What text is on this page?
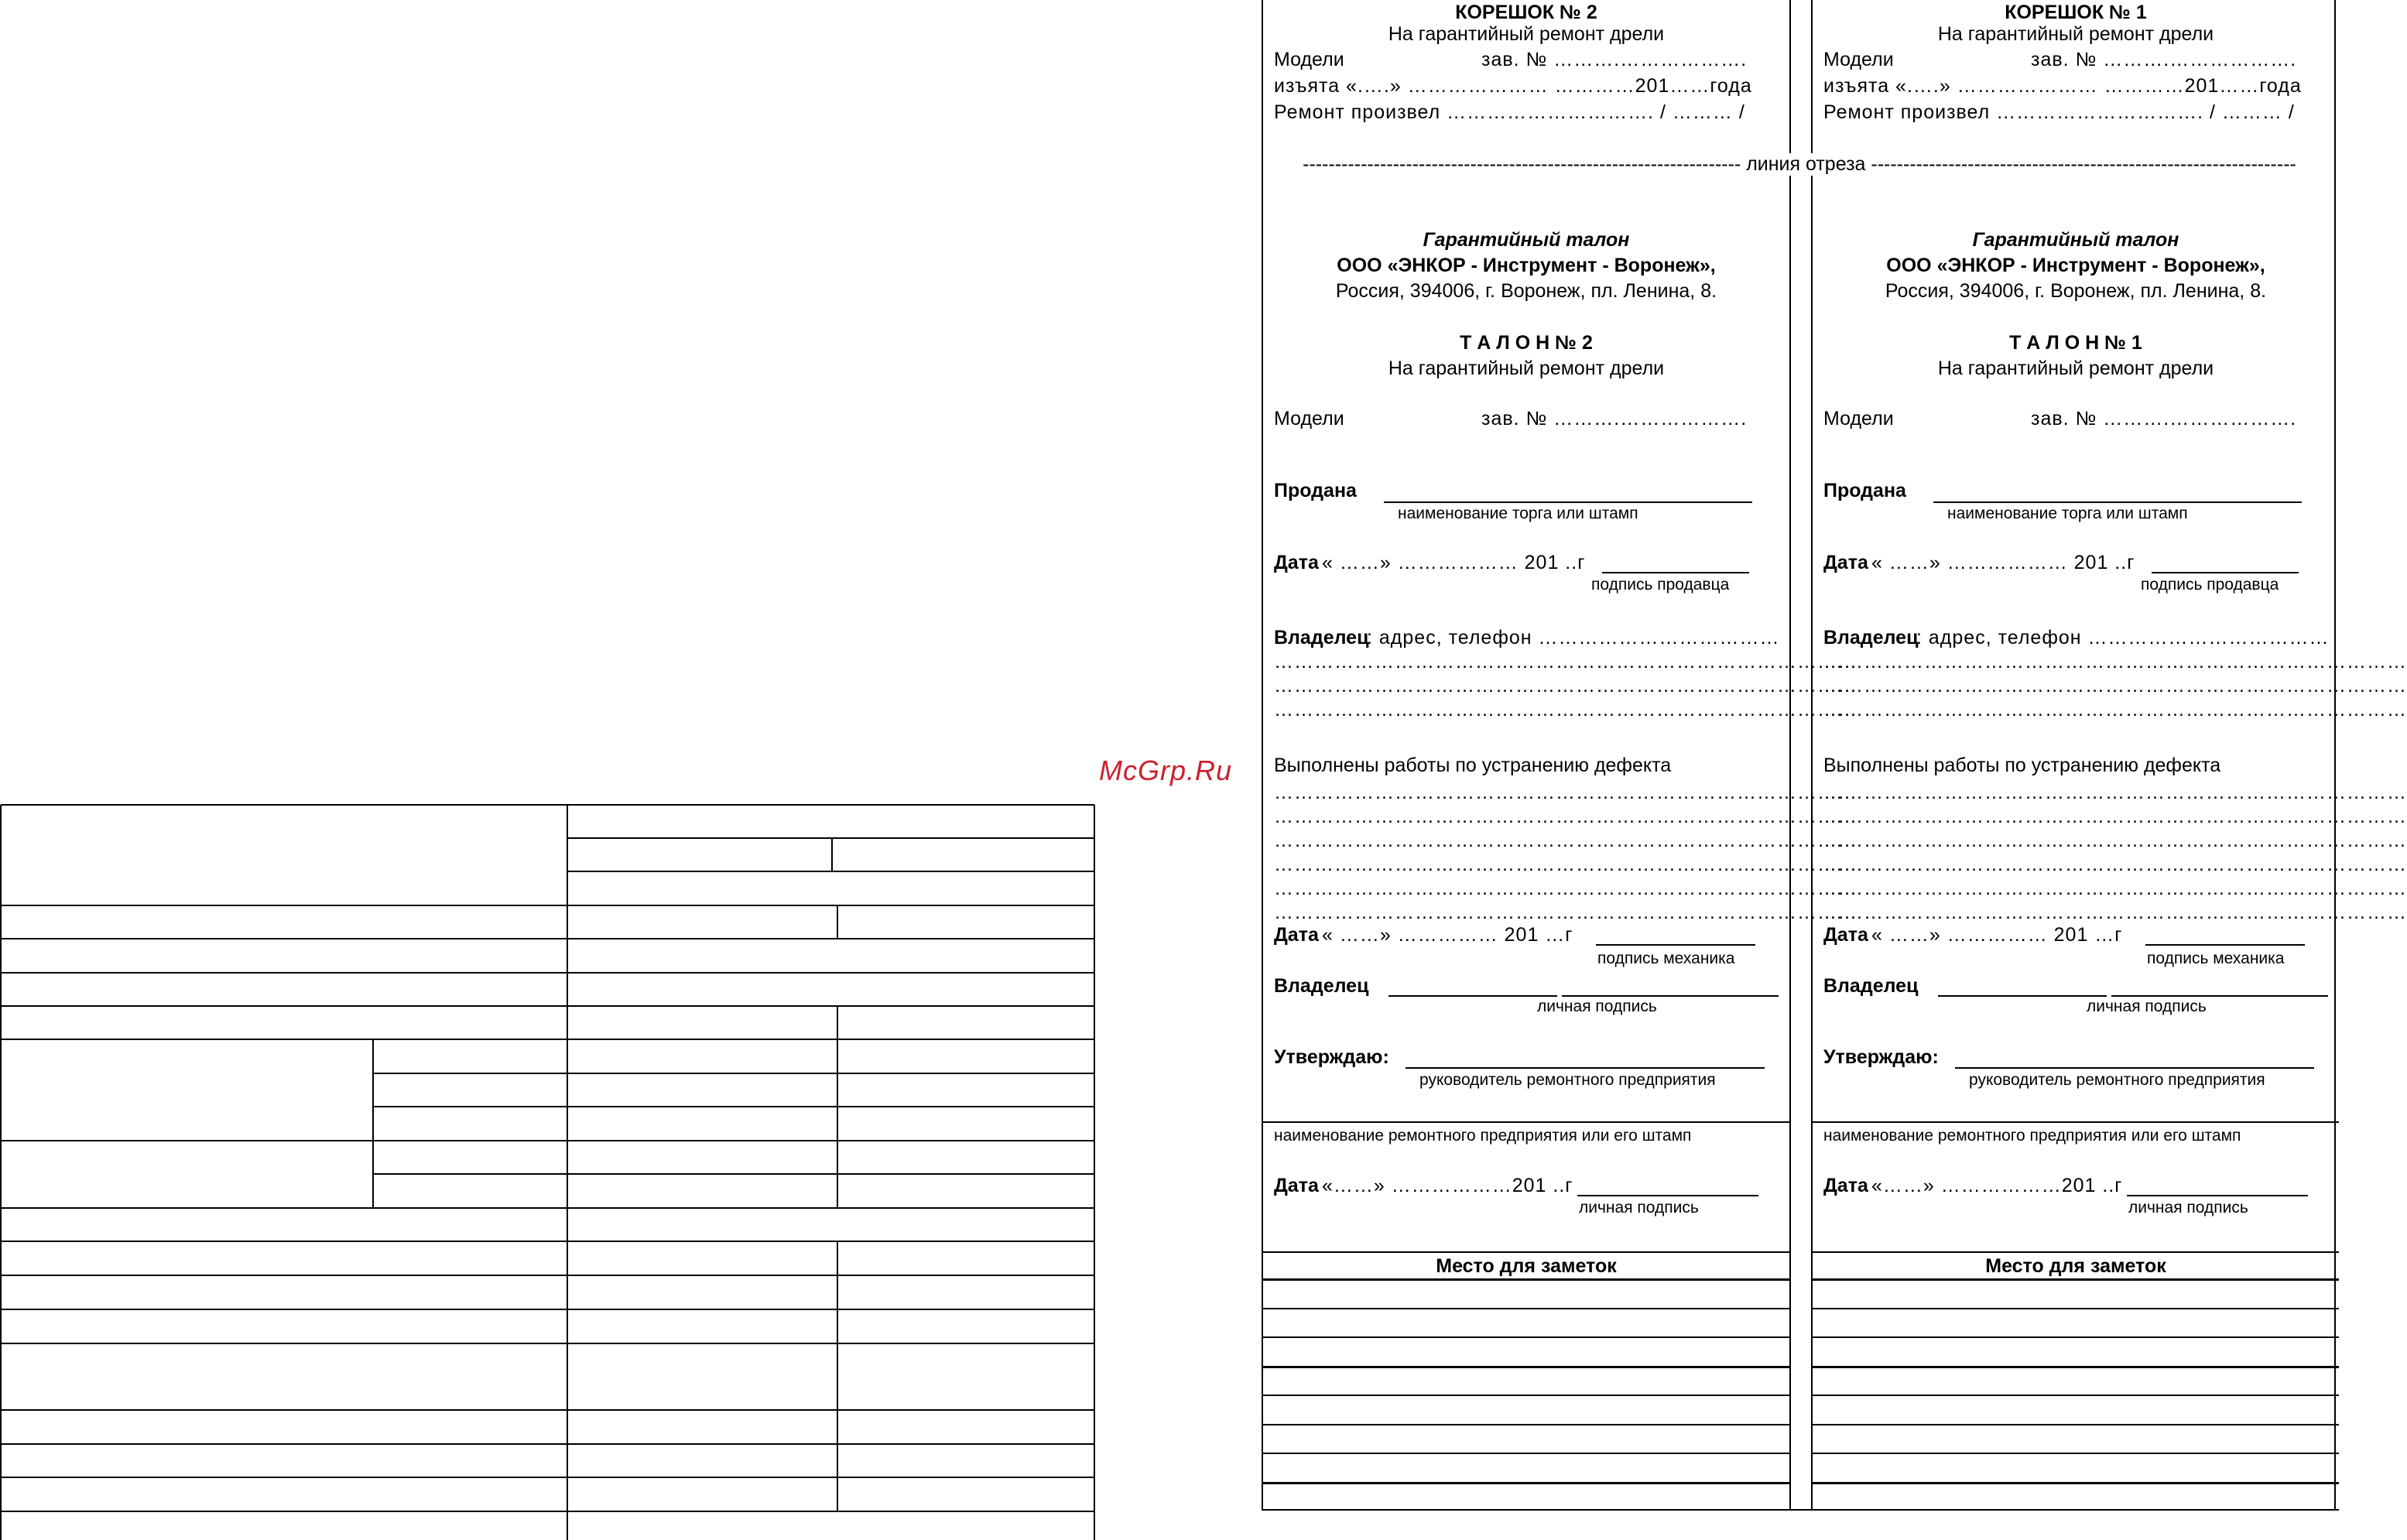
McGrp.Ru
КОРЕШОК № 2
На гарантийный ремонт дрели
Модели	зав. № ……….……………….
изъята «.….» ………………… …………201……года
Ремонт произвел …………………………. / ……… /
Гарантийный талон
ООО «ЭНКОР - Инструмент - Воронеж»,
Россия, 394006, г. Воронеж, пл. Ленина, 8.
Т А Л О Н № 2
На гарантийный ремонт дрели
Модели	зав. № ……….……………….
Продана
наименование торга или штамп
Дата « ……» ……………… 201 ..г
подпись продавца
Владелец
: адрес, телефон ………………………………
……………………………………………………………………………
……………………………………………………………………………
……………………………………………………………………………
Выполнены работы по устранению дефекта
……………………………………………………………………………
……………………………………………………………………………
……………………………………………………………………………
……………………………………………………………………………
……………………………………………………………………………
……………………………………………………………………………
Дата « ……» …………… 201 …г
подпись механика
Владелец
личная подпись
Утверждаю:
руководитель ремонтного предприятия
наименование ремонтного предприятия или его штамп
Дата «……» ………………201 ..г
личная подпись
Место для заметок
КОРЕШОК № 1
На гарантийный ремонт дрели
Модели	зав. № ……….……………….
изъята «.….» ………………… …………201……года
Ремонт произвел …………………………. / ……… /
Гарантийный талон
ООО «ЭНКОР - Инструмент - Воронеж»,
Россия, 394006, г. Воронеж, пл. Ленина, 8.
Т А Л О Н № 1
На гарантийный ремонт дрели
Модели	зав. № ……….……………….
Продана
наименование торга или штамп
Дата « ……» ……………… 201 ..г
подпись продавца
Владелец
: адрес, телефон ………………………………
……………………………………………………………………………
……………………………………………………………………………
……………………………………………………………………………
Выполнены работы по устранению дефекта
……………………………………………………………………………
……………………………………………………………………………
……………………………………………………………………………
……………………………………………………………………………
……………………………………………………………………………
……………………………………………………………………………
Дата « ……» …………… 201 …г
подпись механика
Владелец
личная подпись
Утверждаю:
руководитель ремонтного предприятия
наименование ремонтного предприятия или его штамп
Дата «……» ………………201 ..г
личная подпись
Место для заметок
-------------------------------------------------------------------- линия отреза ------------------------------------------------------------------
